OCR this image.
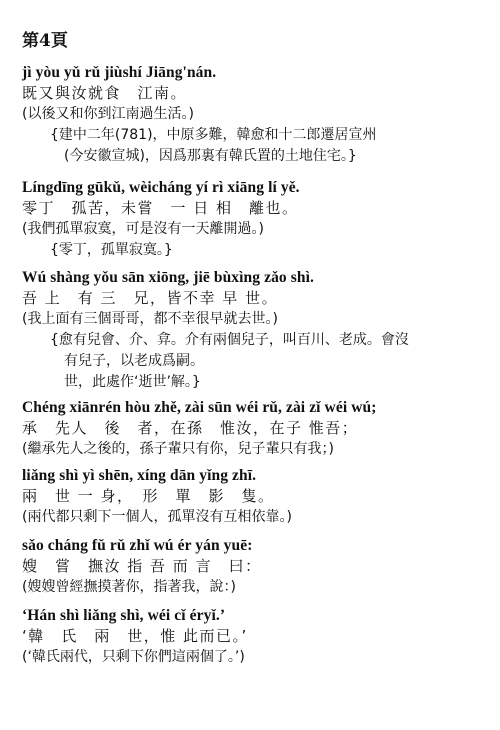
第4頁
jì yòu yǔ rǔ jiùshí Jiāng'nán.
既又與汝就食　江南。
(以後又和你到江南過生活。)
{建中二年(781)，中原多難，韓愈和十二郎遷居宣州
(今安徽宣城)，因爲那裏有韓氏置的土地住宅。}
Língdīng gūkǔ, wèicháng yí rì xiāng lí yě.
零丁　孤苦，未嘗　一 日 相　離也。
(我們孤單寂寞，可是沒有一天離開過。)
{零丁，孤單寂寞。}
Wú shàng yǒu sān xiōng, jiē bùxìng zǎo shì.
吾 上　有 三　兄，皆不幸 早 世。
(我上面有三個哥哥，都不幸很早就去世。)
{愈有兒會、介、弇。介有兩個兒子，叫百川、老成。會沒
有兒子，以老成爲嗣。
世，此處作‘逝世’解。}
Chéng xiānrén hòu zhě, zài sūn wéi rǔ, zài zǐ wéi wú;
承　先人　後　者，在孫　惟汝，在子 惟吾；
(繼承先人之後的，孫子輩只有你，兒子輩只有我；)
liǎng shì yì shēn, xíng dān yǐng zhī.
兩　世 一 身，　形　單　影　隻。
(兩代都只剩下一個人，孤單沒有互相依靠。)
sǎo cháng fǔ rǔ zhǐ wú ér yán yuē:
嫂　嘗　撫汝 指 吾 而 言　曰：
(嫂嫂曾經撫摸著你，指著我，說：)
‘Hán shì liǎng shì, wéi cǐ éryǐ.’
‘韓　氏　兩　世，惟 此而已。’
(‘韓氏兩代，只剩下你們這兩個了。’)
